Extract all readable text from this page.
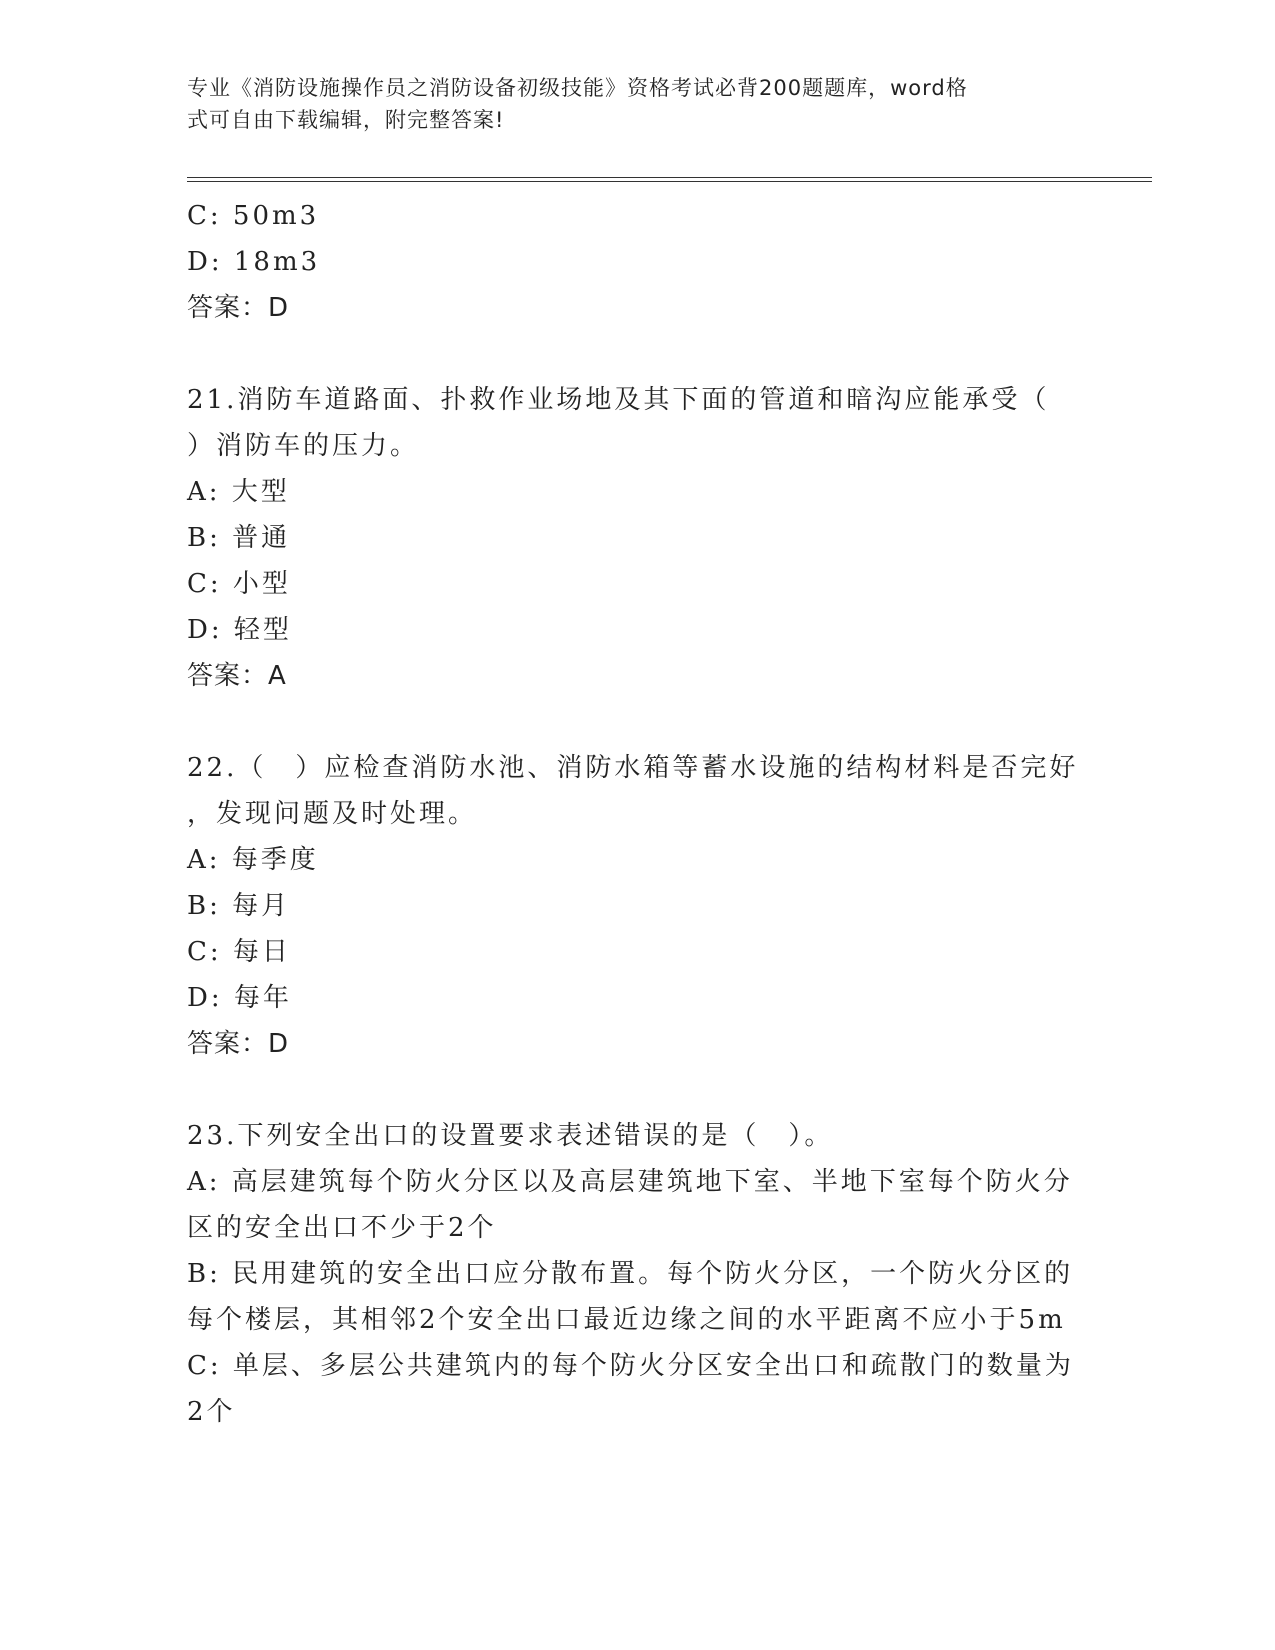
专业《消防设施操作员之消防设备初级技能》资格考试必背200题题库，word格
式可自由下载编辑，附完整答案!
C: 50m3
D: 18m3
答案：D
21.消防车道路面、扑救作业场地及其下面的管道和暗沟应能承受（
）消防车的压力。
A: 大型
B: 普通
C: 小型
D: 轻型
答案：A
22.（　）应检查消防水池、消防水箱等蓄水设施的结构材料是否完好
，发现问题及时处理。
A: 每季度
B: 每月
C: 每日
D: 每年
答案：D
23.下列安全出口的设置要求表述错误的是（　）。
A: 高层建筑每个防火分区以及高层建筑地下室、半地下室每个防火分
区的安全出口不少于2个
B: 民用建筑的安全出口应分散布置。每个防火分区，一个防火分区的
每个楼层，其相邻2个安全出口最近边缘之间的水平距离不应小于5m
C: 单层、多层公共建筑内的每个防火分区安全出口和疏散门的数量为
2个
